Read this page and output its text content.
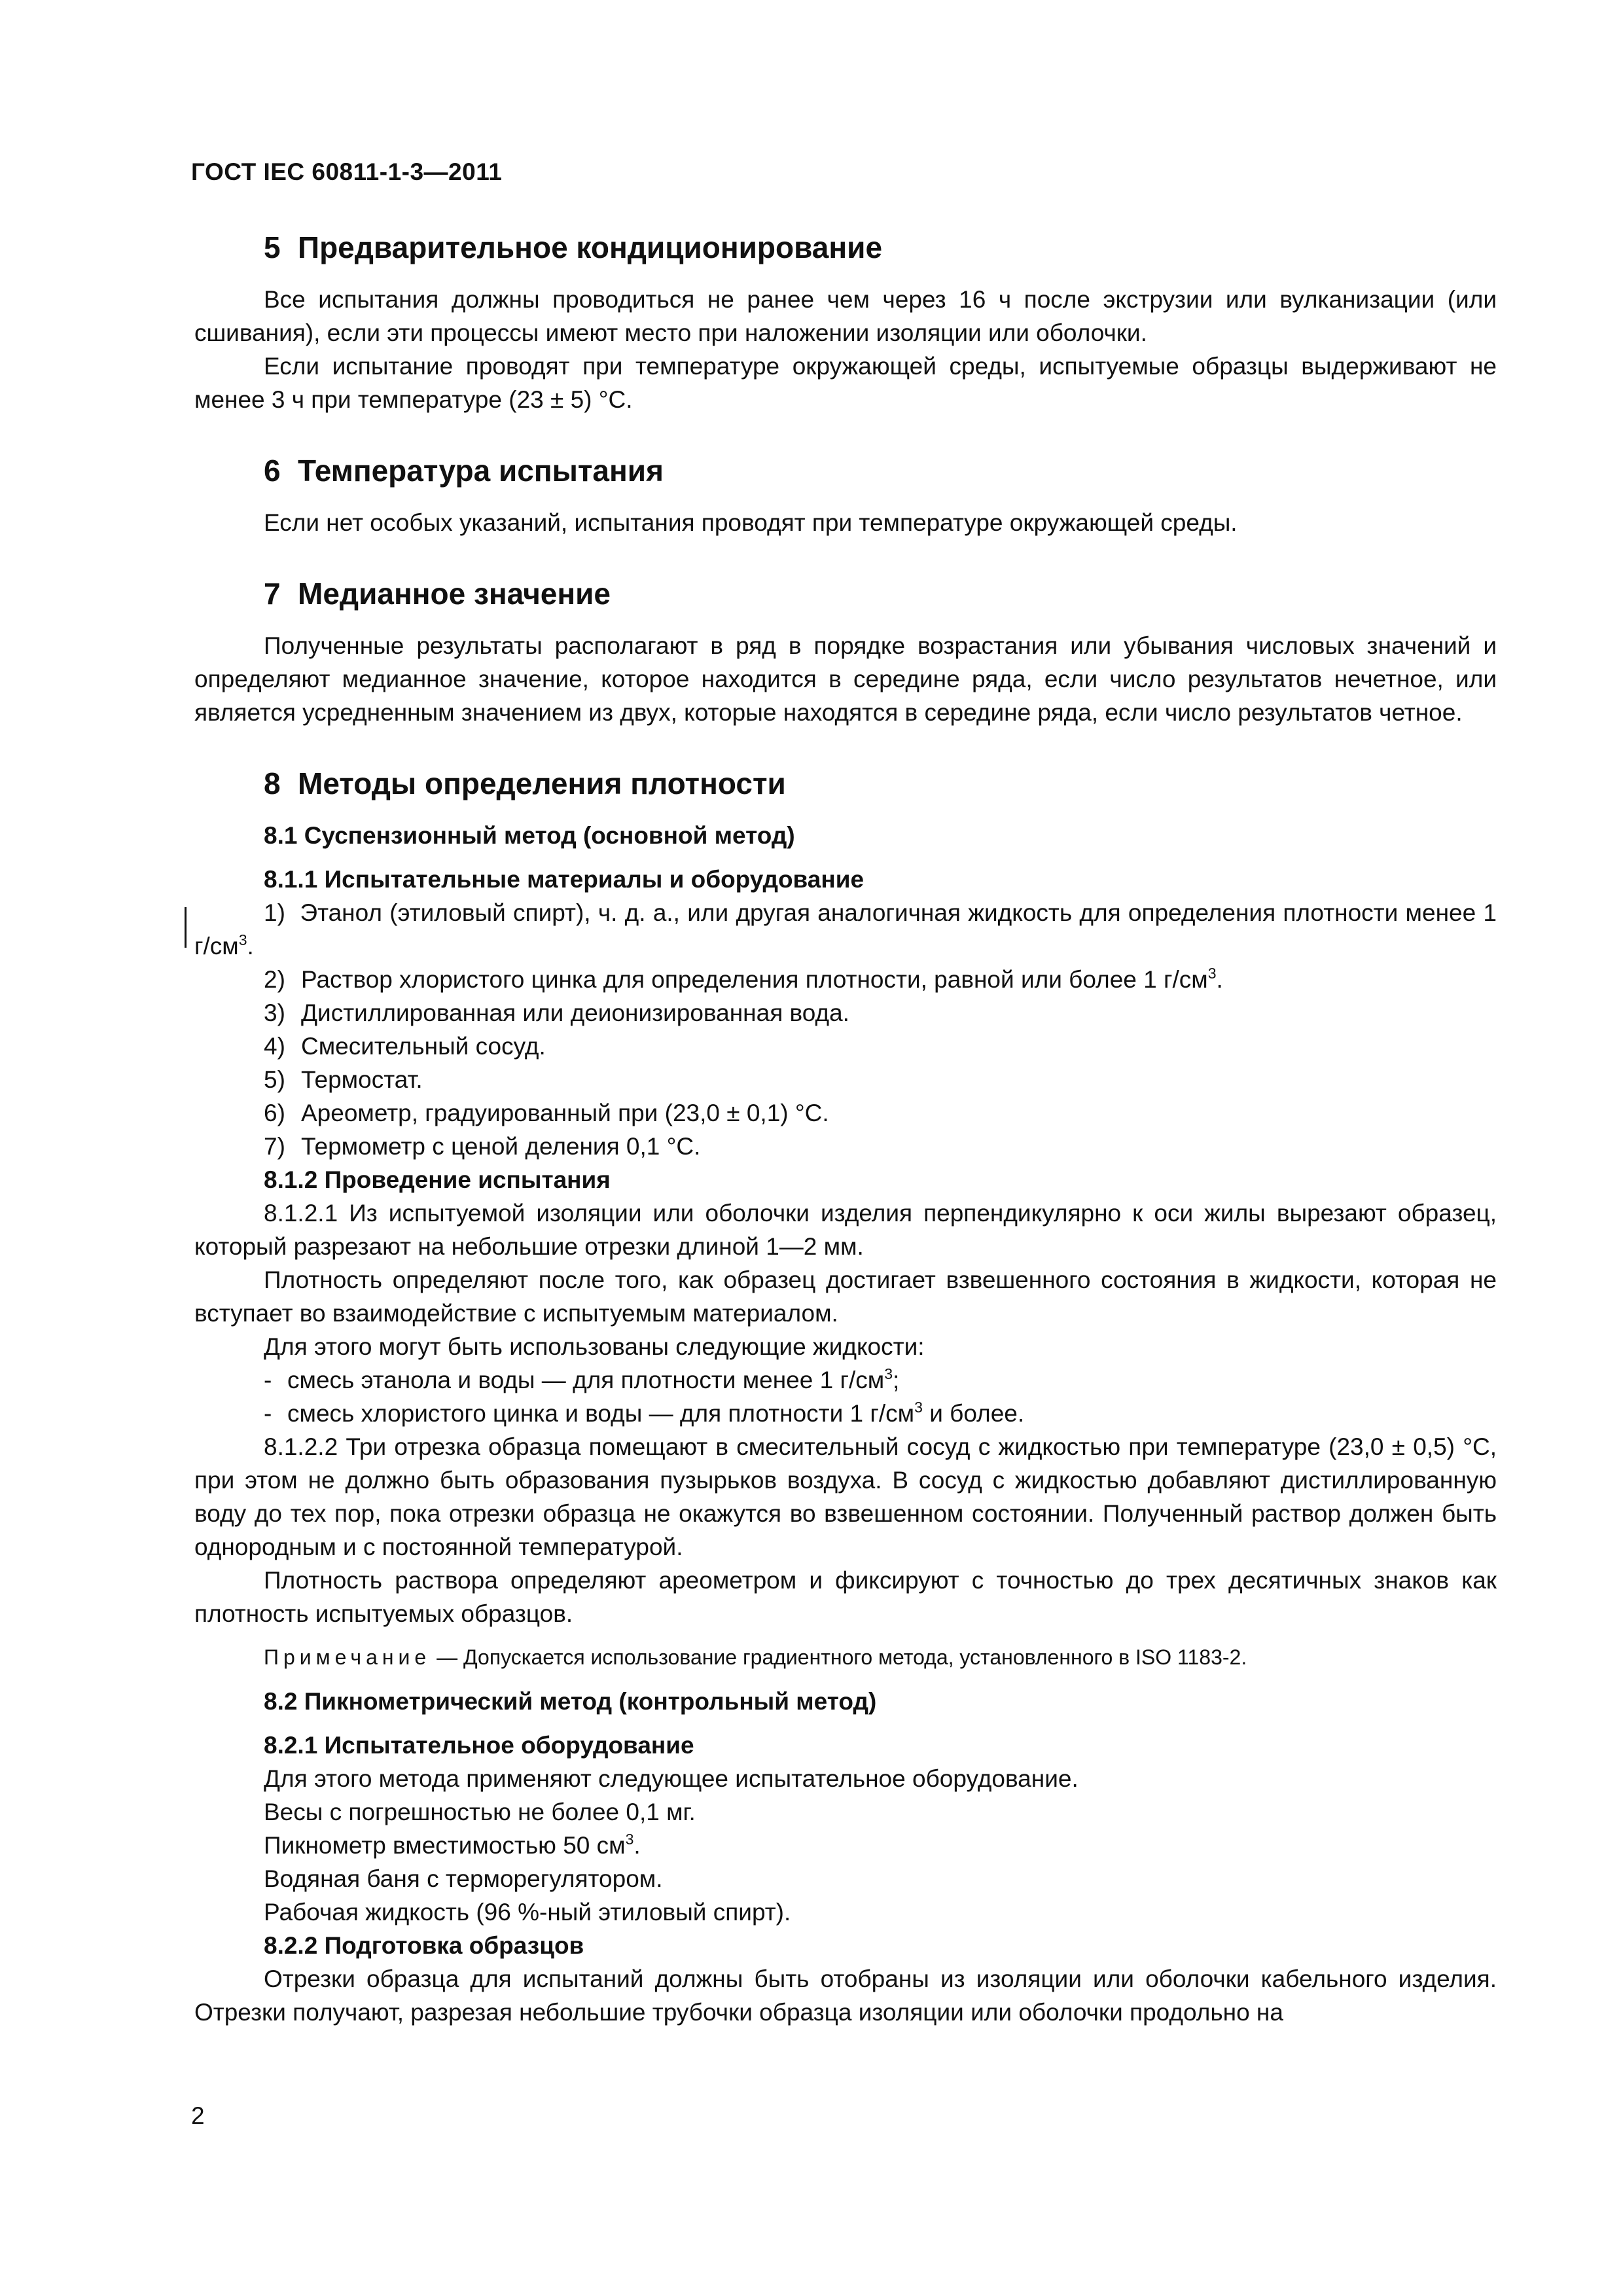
ГОСТ IEC 60811-1-3—2011
5 Предварительное кондиционирование

Все испытания должны проводиться не ранее чем через 16 ч после экструзии или вулканизации (или сшивания), если эти процессы имеют место при наложении изоляции или оболочки.

Если испытание проводят при температуре окружающей среды, испытуемые образцы выдерживают не менее 3 ч при температуре (23 ± 5) °С.

6 Температура испытания

Если нет особых указаний, испытания проводят при температуре окружающей среды.

7 Медианное значение

Полученные результаты располагают в ряд в порядке возрастания или убывания числовых значений и определяют медианное значение, которое находится в середине ряда, если число результатов нечетное, или является усредненным значением из двух, которые находятся в середине ряда, если число результатов четное.

8 Методы определения плотности
8.1 Суспензионный метод (основной метод)
8.1.1 Испытательные материалы и оборудование

1) Этанол (этиловый спирт), ч. д. а., или другая аналогичная жидкость для определения плотности менее 1 $г/см^3$.

2) Раствор хлористого цинка для определения плотности, равной или более 1 $г/см^3$.
3) Дистиллированная или деионизированная вода.
4) Смесительный сосуд.
5) Термостат.
6) Ареометр, градуированный при (23,0 ± 0,1) °С.
7) Термометр с ценой деления 0,1 °С.
8.1.2 Проведение испытания

8.1.2.1 Из испытуемой изоляции или оболочки изделия перпендикулярно к оси жилы вырезают образец, который разрезают на небольшие отрезки длиной 1—2 мм.

Плотность определяют после того, как образец достигает взвешенного состояния в жидкости, которая не вступает во взаимодействие с испытуемым материалом.

Для этого могут быть использованы следующие жидкости:

- смесь этанола и воды — для плотности менее 1 $г/см^3$;
- смесь хлористого цинка и воды — для плотности 1 $г/см^3$ и более.

8.1.2.2 Три отрезка образца помещают в смесительный сосуд с жидкостью при температуре (23,0 ± 0,5) °С, при этом не должно быть образования пузырьков воздуха. В сосуд с жидкостью добавляют дистиллированную воду до тех пор, пока отрезки образца не окажутся во взвешенном состоянии. Полученный раствор должен быть однородным и с постоянной температурой.

Плотность раствора определяют ареометром и фиксируют с точностью до трех десятичных знаков как плотность испытуемых образцов.

Примечание — Допускается использование градиентного метода, установленного в ISO 1183-2.
8.2 Пикнометрический метод (контрольный метод)
8.2.1 Испытательное оборудование

Для этого метода применяют следующее испытательное оборудование.

Весы с погрешностью не более 0,1 мг.

Пикнометр вместимостью 50 $см^3$.

Водяная баня с терморегулятором.

Рабочая жидкость (96 %-ный этиловый спирт).

8.2.2 Подготовка образцов

Отрезки образца для испытаний должны быть отобраны из изоляции или оболочки кабельного изделия. Отрезки получают, разрезая небольшие трубочки образца изоляции или оболочки продольно на

2
